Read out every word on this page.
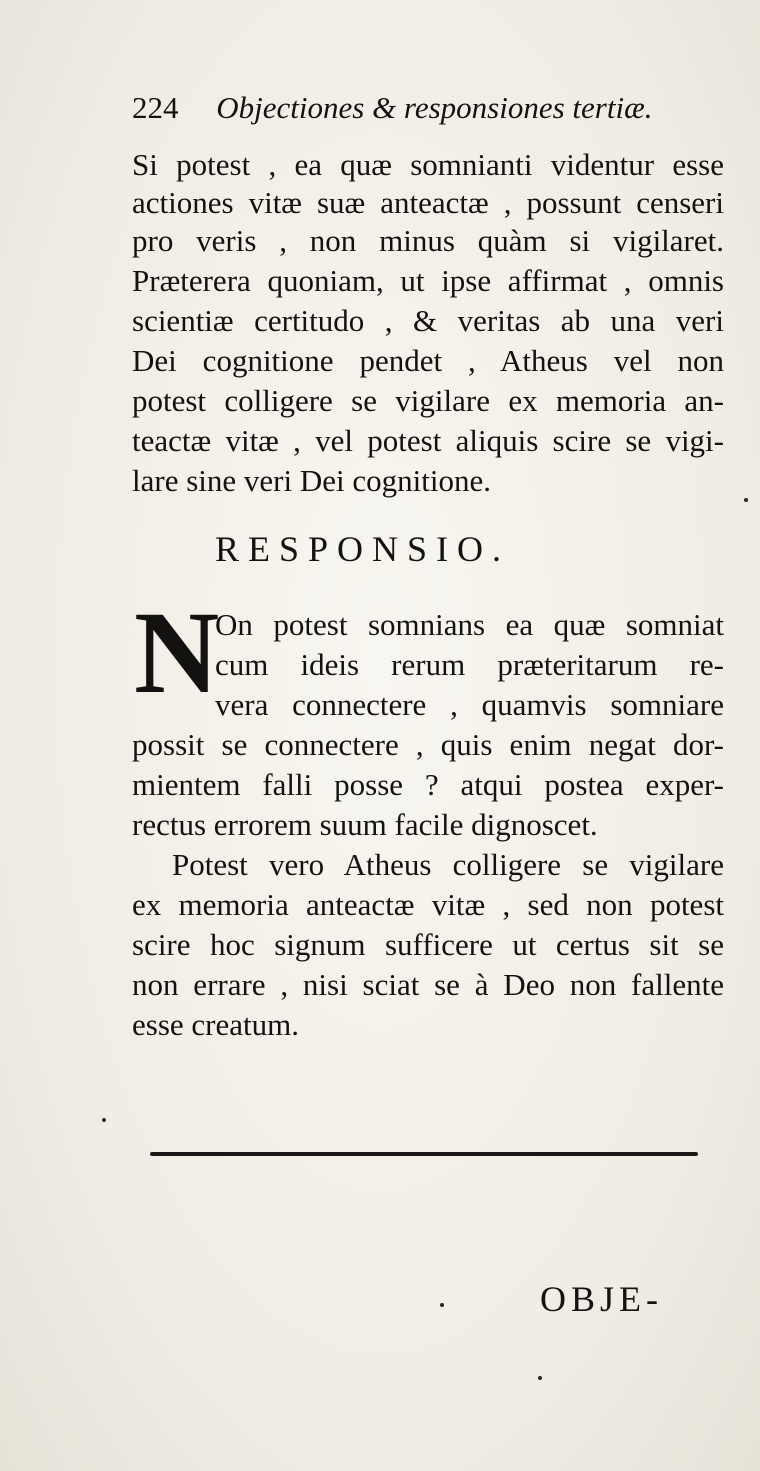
224 Objectiones & responsiones tertiæ.
Si potest , ea quæ somnianti videntur esse
actiones vitæ suæ anteactæ , possunt censeri
pro veris , non minus quàm si vigilaret.
Præterera quoniam, ut ipse affirmat , omnis
scientiæ certitudo , & veritas ab una veri
Dei cognitione pendet , Atheus vel non
potest colligere se vigilare ex memoria an-
teactæ vitæ , vel potest aliquis scire se vigi-
lare sine veri Dei cognitione.
RESPONSIO.
N
On potest somnians ea quæ somniat
cum ideis rerum præteritarum re-
vera connectere , quamvis somniare
possit se connectere , quis enim negat dor-
mientem falli posse ? atqui postea exper-
rectus errorem suum facile dignoscet.
Potest vero Atheus colligere se vigilare
ex memoria anteactæ vitæ , sed non potest
scire hoc signum sufficere ut certus sit se
non errare , nisi sciat se à Deo non fallente
esse creatum.
OBJE-
